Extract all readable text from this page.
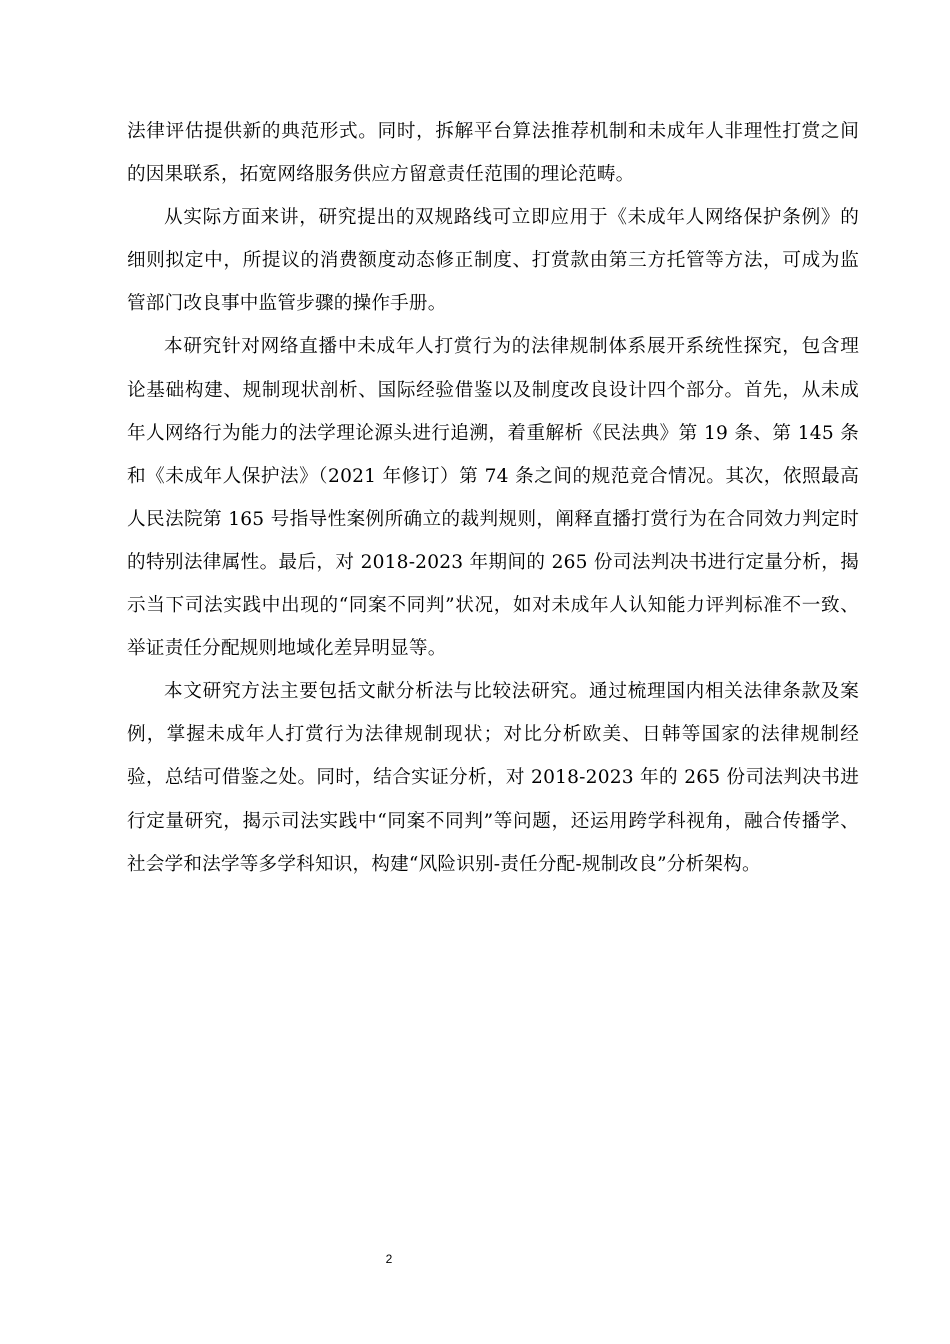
法律评估提供新的典范形式。同时，拆解平台算法推荐机制和未成年人非理性打赏之间的因果联系，拓宽网络服务供应方留意责任范围的理论范畴。

从实际方面来讲，研究提出的双规路线可立即应用于《未成年人网络保护条例》的细则拟定中，所提议的消费额度动态修正制度、打赏款由第三方托管等方法，可成为监管部门改良事中监管步骤的操作手册。

本研究针对网络直播中未成年人打赏行为的法律规制体系展开系统性探究，包含理论基础构建、规制现状剖析、国际经验借鉴以及制度改良设计四个部分。首先，从未成年人网络行为能力的法学理论源头进行追溯，着重解析《民法典》第 19 条、第 145 条和《未成年人保护法》（2021 年修订）第 74 条之间的规范竞合情况。其次，依照最高人民法院第 165 号指导性案例所确立的裁判规则，阐释直播打赏行为在合同效力判定时的特别法律属性。最后，对 2018-2023 年期间的 265 份司法判决书进行定量分析，揭示当下司法实践中出现的“同案不同判”状况，如对未成年人认知能力评判标准不一致、举证责任分配规则地域化差异明显等。

本文研究方法主要包括文献分析法与比较法研究。通过梳理国内相关法律条款及案例，掌握未成年人打赏行为法律规制现状；对比分析欧美、日韩等国家的法律规制经验，总结可借鉴之处。同时，结合实证分析，对 2018-2023 年的 265 份司法判决书进行定量研究，揭示司法实践中“同案不同判”等问题，还运用跨学科视角，融合传播学、社会学和法学等多学科知识，构建“风险识别-责任分配-规制改良”分析架构。

2
